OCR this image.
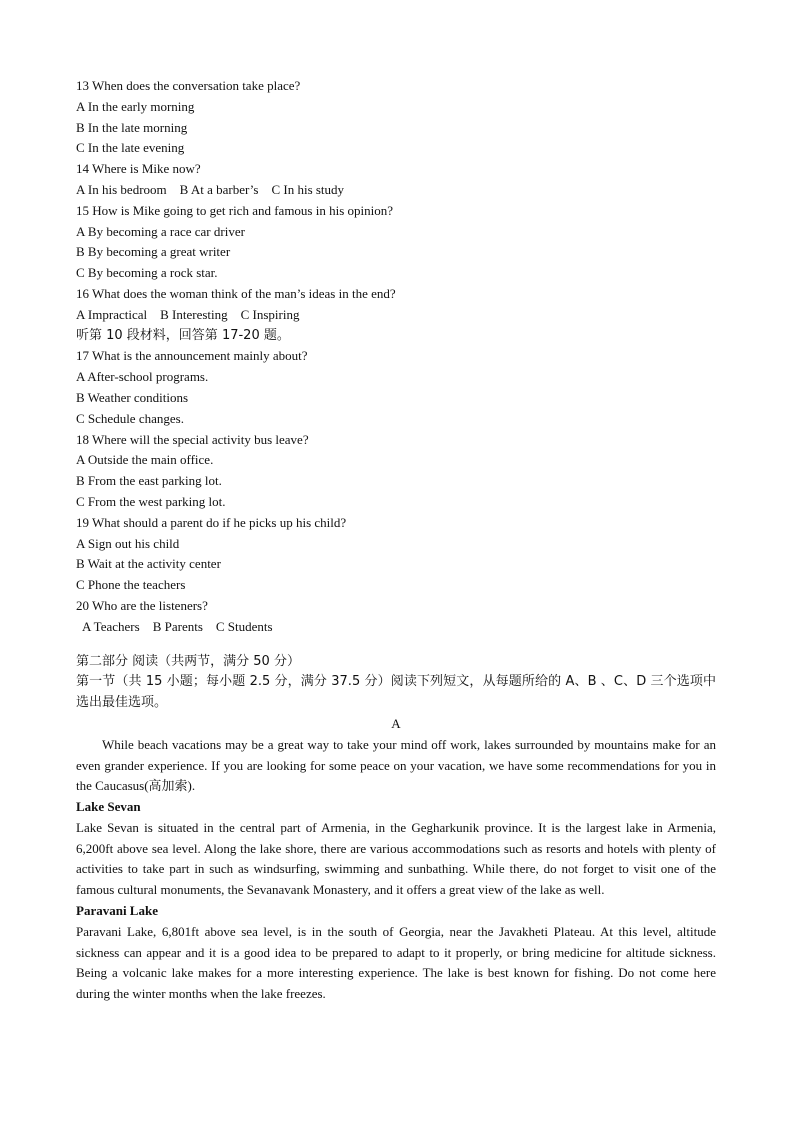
13 When does the conversation take place?
A In the early morning
B In the late morning
C In the late evening
14 Where is Mike now?
A In his bedroom    B At a barber’s    C In his study
15 How is Mike going to get rich and famous in his opinion?
A By becoming a race car driver
B By becoming a great writer
C By becoming a rock star.
16 What does the woman think of the man’s ideas in the end?
A Impractical    B Interesting    C Inspiring
听第 10 段材料，回答第 17-20 题。
17 What is the announcement mainly about?
A After-school programs.
B Weather conditions
C Schedule changes.
18 Where will the special activity bus leave?
A Outside the main office.
B From the east parking lot.
C From the west parking lot.
19 What should a parent do if he picks up his child?
A Sign out his child
B Wait at the activity center
C Phone the teachers
20 Who are the listeners?
A Teachers    B Parents    C Students
第二部分 阅读（共两节，满分 50 分）
第一节（共 15 小题；每小题 2.5 分，满分 37.5 分）阅读下列短文，从每题所给的 A、B 、C、D 三个选项中选出最佳选项。
A
While beach vacations may be a great way to take your mind off work, lakes surrounded by mountains make for an even grander experience. If you are looking for some peace on your vacation, we have some recommendations for you in the Caucasus(高加索).
Lake Sevan
Lake Sevan is situated in the central part of Armenia, in the Gegharkunik province. It is the largest lake in Armenia, 6,200ft above sea level. Along the lake shore, there are various accommodations such as resorts and hotels with plenty of activities to take part in such as windsurfing, swimming and sunbathing. While there, do not forget to visit one of the famous cultural monuments, the Sevanavank Monastery, and it offers a great view of the lake as well.
Paravani Lake
Paravani Lake, 6,801ft above sea level, is in the south of Georgia, near the Javakheti Plateau. At this level, altitude sickness can appear and it is a good idea to be prepared to adapt to it properly, or bring medicine for altitude sickness. Being a volcanic lake makes for a more interesting experience. The lake is best known for fishing. Do not come here during the winter months when the lake freezes.
